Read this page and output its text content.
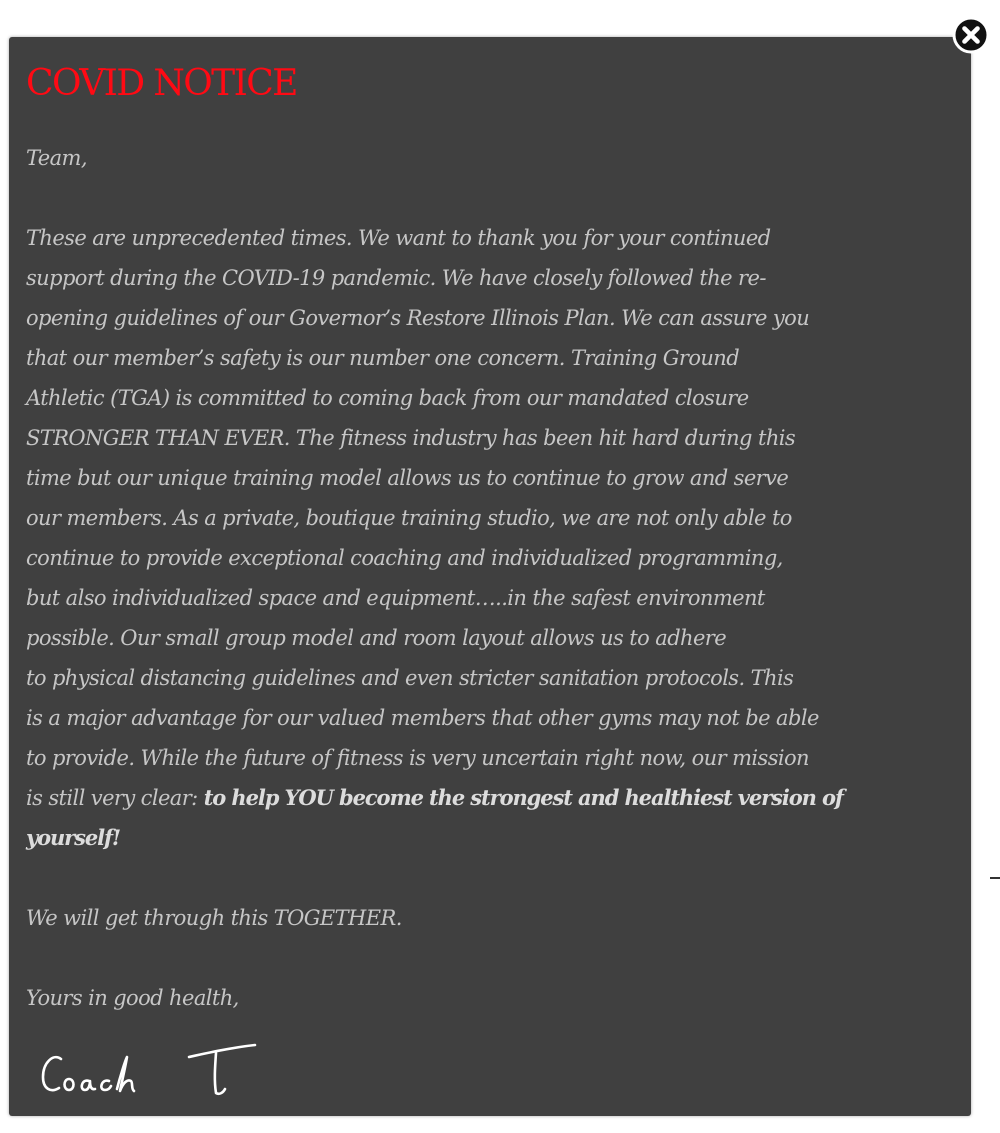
COVID NOTICE

Team,

These are unprecedented times. We want to thank you for your continued
support during the COVID-19 pandemic. We have closely followed the re-
opening guidelines of our Governor’s Restore Illinois Plan. We can assure you
that our member’s safety is our number one concern. Training Ground
Athletic (TGA) is committed to coming back from our mandated closure
STRONGER THAN EVER. The fitness industry has been hit hard during this
time but our unique training model allows us to continue to grow and serve
our members. As a private, boutique training studio, we are not only able to
continue to provide exceptional coaching and individualized programming,
but also individualized space and equipment…..in the safest environment
possible. Our small group model and room layout allows us to adhere
to physical distancing guidelines and even stricter sanitation protocols. This
is a major advantage for our valued members that other gyms may not be able
to provide. While the future of fitness is very uncertain right now, our mission
is still very clear: to help YOU become the strongest and healthiest version of
yourself!

We will get through this TOGETHER.

Yours in good health,
